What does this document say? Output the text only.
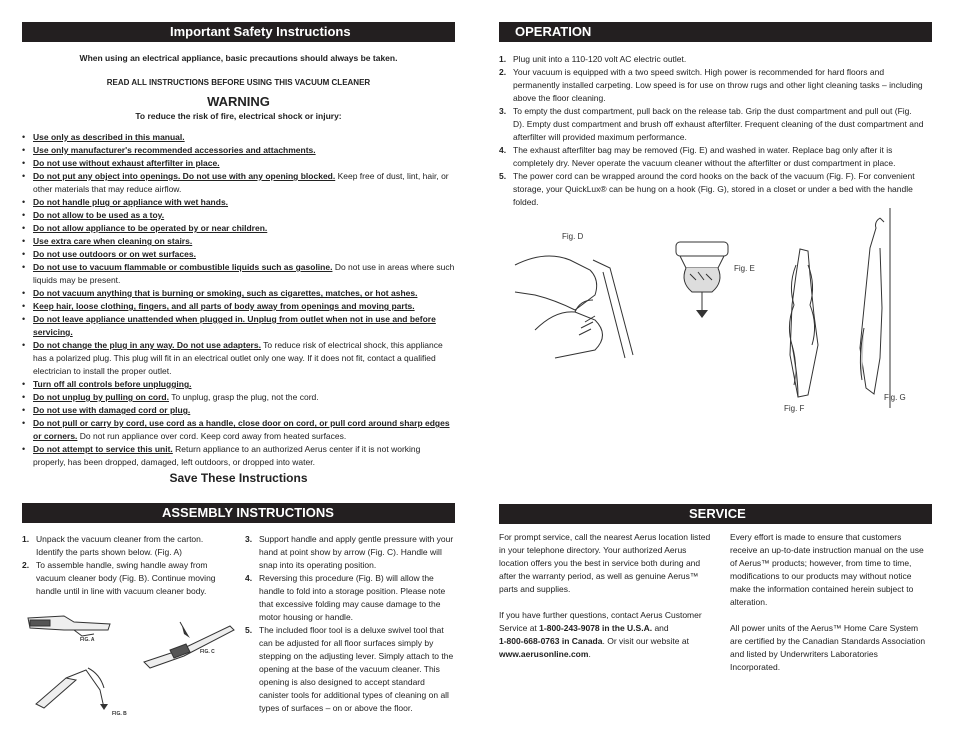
Important Safety Instructions
When using an electrical appliance, basic precautions should always be taken.
READ ALL INSTRUCTIONS BEFORE USING THIS VACUUM CLEANER
WARNING
To reduce the risk of fire, electrical shock or injury:
• Use only as described in this manual.
• Use only manufacturer's recommended accessories and attachments.
• Do not use without exhaust afterfilter in place.
• Do not put any object into openings. Do not use with any opening blocked. Keep free of dust, lint, hair, or other materials that may reduce airflow.
• Do not handle plug or appliance with wet hands.
• Do not allow to be used as a toy.
• Do not allow appliance to be operated by or near children.
• Use extra care when cleaning on stairs.
• Do not use outdoors or on wet surfaces.
• Do not use to vacuum flammable or combustible liquids such as gasoline. Do not use in areas where such liquids may be present.
• Do not vacuum anything that is burning or smoking, such as cigarettes, matches, or hot ashes.
• Keep hair, loose clothing, fingers, and all parts of body away from openings and moving parts.
• Do not leave appliance unattended when plugged in. Unplug from outlet when not in use and before servicing.
• Do not change the plug in any way. Do not use adapters. To reduce risk of electrical shock, this appliance has a polarized plug. This plug will fit in an electrical outlet only one way. If it does not fit, contact a qualified electrician to install the proper outlet.
• Turn off all controls before unplugging.
• Do not unplug by pulling on cord. To unplug, grasp the plug, not the cord.
• Do not use with damaged cord or plug.
• Do not pull or carry by cord, use cord as a handle, close door on cord, or pull cord around sharp edges or corners. Do not run appliance over cord. Keep cord away from heated surfaces.
• Do not attempt to service this unit. Return appliance to an authorized Aerus center if it is not working properly, has been dropped, damaged, left outdoors, or dropped into water.
Save These Instructions
OPERATION
1. Plug unit into a 110-120 volt AC electric outlet.
2. Your vacuum is equipped with a two speed switch. High power is recommended for hard floors and permanently installed carpeting. Low speed is for use on throw rugs and other light cleaning tasks – including above the floor cleaning.
3. To empty the dust compartment, pull back on the release tab. Grip the dust compartment and pull out (Fig. D). Empty dust compartment and brush off exhaust afterfilter. Frequent cleaning of the dust compartment and afterfilter will provided maximum performance.
4. The exhaust afterfilter bag may be removed (Fig. E) and washed in water. Replace bag only after it is completely dry. Never operate the vacuum cleaner without the afterfilter or dust compartment in place.
5. The power cord can be wrapped around the cord hooks on the back of the vacuum (Fig. F). For convenient storage, your QuickLux® can be hung on a hook (Fig. G), stored in a closet or under a bed with the handle folded.
Fig. D
Fig. E
Fig. F
Fig. G
ASSEMBLY INSTRUCTIONS
1. Unpack the vacuum cleaner from the carton. Identify the parts shown below. (Fig. A)
2. To assemble handle, swing handle away from vacuum cleaner body (Fig. B). Continue moving handle until in line with vacuum cleaner body.
3. Support handle and apply gentle pressure with your hand at point show by arrow (Fig. C). Handle will snap into its operating position.
4. Reversing this procedure (Fig. B) will allow the handle to fold into a storage position. Please note that excessive folding may cause damage to the motor housing or handle.
5. The included floor tool is a deluxe swivel tool that can be adjusted for all floor surfaces simply by stepping on the adjusting lever. Simply attach to the opening at the base of the vacuum cleaner. This opening is also designed to accept standard canister tools for additional types of cleaning on all types of surfaces – on or above the floor.
FIG. A
FIG. C
FIG. B
SERVICE

For prompt service, call the nearest Aerus location listed in your telephone directory. Your authorized Aerus location offers you the best in service both during and after the warranty period, as well as genuine Aerus™ parts and supplies.

If you have further questions, contact Aerus Customer Service at 1-800-243-9078 in the U.S.A. and
1-800-668-0763 in Canada. Or visit our website at www.aerusonline.com.

Every effort is made to ensure that customers receive an up-to-date instruction manual on the use of Aerus™ products; however, from time to time, modifications to our products may without notice make the information contained herein subject to alteration.

All power units of the Aerus™ Home Care System are certified by the Canadian Standards Association and listed by Underwriters Laboratories Incorporated.
